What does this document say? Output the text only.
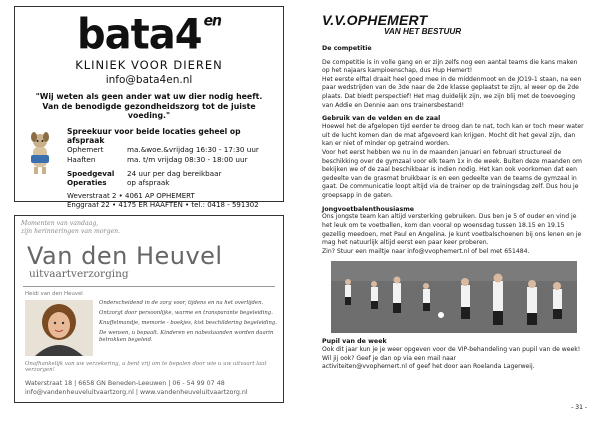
bata4 $^{en}$
KLINIEK VOOR DIEREN
info@bata4en.nl
"Wij weten als geen ander wat uw dier nodig heeft.
Van de benodigde gezondheidszorg tot de juiste voeding."
Spreekuur voor beide locaties geheel op afspraak
Ophemert	ma.&woe.&vrijdag 16:30 - 17:30 uur
Haaften	ma. t/m vrijdag 08:30 - 18:00 uur
Spoedgeval	24 uur per dag bereikbaar
Operaties	op afspraak
Weverstraat 2 • 4061 AP OPHEMERT
Enggraaf 22 • 4175 ER HAAFTEN • tel.: 0418 - 591302
Momenten van vandaag,
zijn herinneringen van morgen.
Van den Heuvel
uitvaartverzorging
Heidi van den Heuvel

Onderscheidend in de zorg voor, tijdens en na het overlijden.

Ontzorgt door persoonlijke, warme en transparante begeleiding.

Knuffelmandje, memorie - boekjes, kist beschildering begeleiding.

De wensen, u bepaalt. Kinderen en nabestaanden worden daarin betrokken begeleid.

Onafhankelijk van uw verzekering, u bent vrij om te bepalen door wie u uw uitvaart laat verzorgen!
Waterstraat 18 | 6658 GN Beneden-Leeuwen | 06 - 54 99 07 48
info@vandenheuveluitvaartzorg.nl | www.vandenheuveluitvaartzorg.nl
V.V.OPHEMERT
VAN HET BESTUUR
De competitie
De competitie is in volle gang en er zijn zelfs nog een aantal teams die kans maken op het najaars kampioenschap, dus Hup Hemert!
Het eerste elftal draait heel goed mee in de middenmoot en de JO19-1 staan, na een paar wedstrijden van de 3de naar de 2de klasse geplaatst te zijn, al weer op de 2de plaats. Dat biedt perspectief! Het mag duidelijk zijn, we zijn blij met de toevoeging van Addie en Dennie aan ons trainersbestand!
Gebruik van de velden en de zaal
Hoewel het de afgelopen tijd eerder te droog dan te nat, toch kan er toch meer water uit de lucht komen dan de mat afgevoerd kan krijgen. Mocht dit het geval zijn, dan kan er niet of minder op getraind worden.
Voor het eerst hebben we nu in de maanden januari en februari structureel de beschikking over de gymzaal voor elk team 1x in de week. Buiten deze maanden om bekijken we of de zaal beschikbaar is indien nodig. Het kan ook voorkomen dat een gedeelte van de grasmat bruikbaar is en een gedeelte van de teams de gymzaal in gaat. De communicatie loopt altijd via de trainer op de trainingsdag zelf. Dus hou je groepsapp in de gaten.
Jongvoetbalenthousiasme
Ons jongste team kan altijd versterking gebruiken. Dus ben je 5 of ouder en vind je het leuk om te voetballen, kom dan vooral op woensdag tussen 18.15 en 19.15 gezellig meedoen, met Paul en Angelina. Je kunt voetbalschoenen bij ons lenen en je mag het natuurlijk altijd eerst een paar keer proberen.
Zin? Stuur een mailtje naar info@vvophemert.nl of bel met 651484.
Pupil van de week
Ook dit jaar kun je je weer opgeven voor de VIP-behandeling van pupil van de week! Wil jij ook? Geef je dan op via een mail naar
activiteiten@vvophemert.nl of geef het door aan Roelanda Lagerweij.
- 31 -
